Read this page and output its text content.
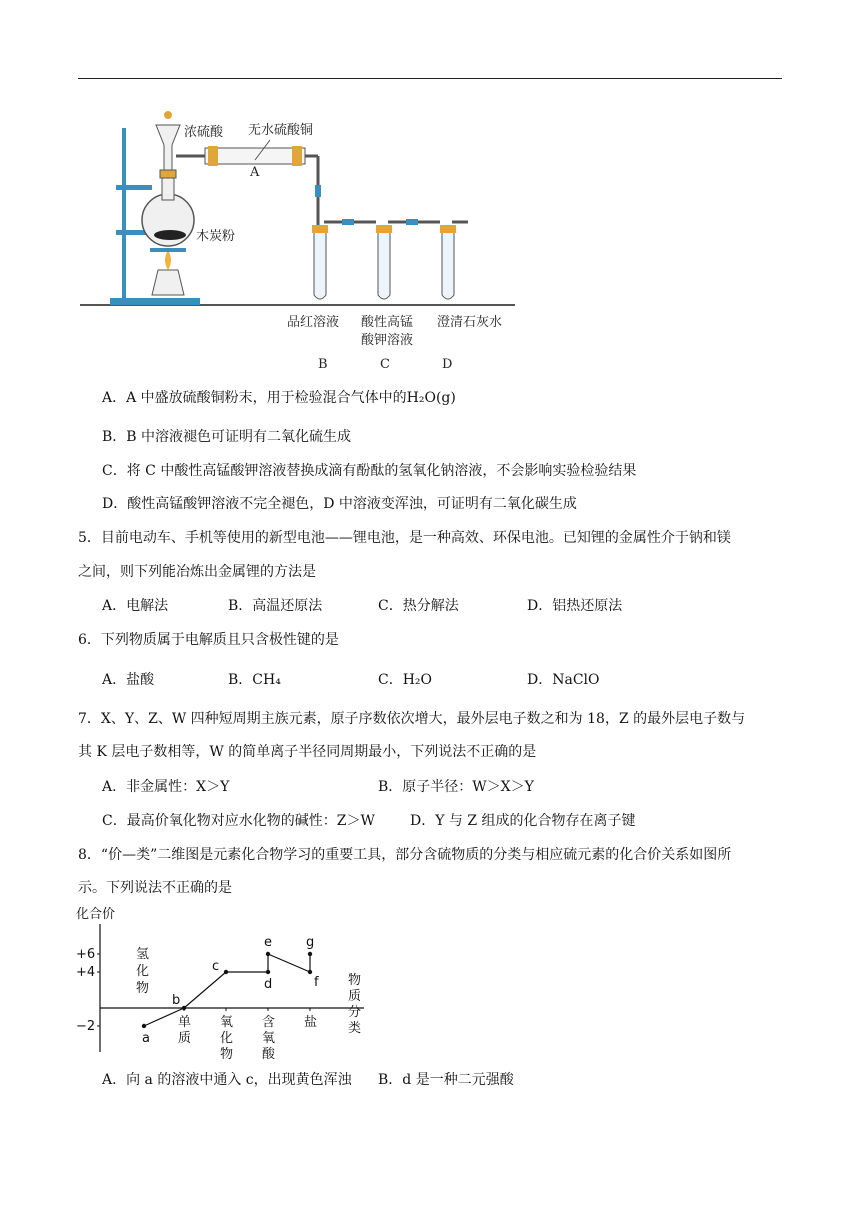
浓硫酸 无水硫酸铜
A
木炭粉
品红溶液 酸性高锰
酸钾溶液
澄清石灰水
B	C	D
A．A 中盛放硫酸铜粉末，用于检验混合气体中的H₂O(g)
B．B 中溶液褪色可证明有二氧化硫生成
C．将 C 中酸性高锰酸钾溶液替换成滴有酚酞的氢氧化钠溶液，不会影响实验检验结果
D．酸性高锰酸钾溶液不完全褪色，D 中溶液变浑浊，可证明有二氧化碳生成
5．目前电动车、手机等使用的新型电池——锂电池，是一种高效、环保电池。已知锂的金属性介于钠和镁
之间，则下列能冶炼出金属锂的方法是
A．电解法	B．高温还原法	C．热分解法	D．铝热还原法
6．下列物质属于电解质且只含极性键的是
A．盐酸	B．CH₄	C．H₂O	D．NaClO
7．X、Y、Z、W 四种短周期主族元素，原子序数依次增大，最外层电子数之和为 18，Z 的最外层电子数与
其 K 层电子数相等，W 的简单离子半径同周期最小，下列说法不正确的是
A．非金属性：X＞Y	B．原子半径：W＞X＞Y
C．最高价氧化物对应水化物的碱性：Z＞W	D．Y 与 Z 组成的化合物存在离子键
8．“价—类”二维图是元素化合物学习的重要工具，部分含硫物质的分类与相应硫元素的化合价关系如图所
示。下列说法不正确的是
化合价
+6
+4
−2
氢化物
单质
氧化物
含氧酸
盐
a
b
c
d
e
f
g
物质分类
A．向 a 的溶液中通入 c，出现黄色浑浊 B．d 是一种二元强酸
